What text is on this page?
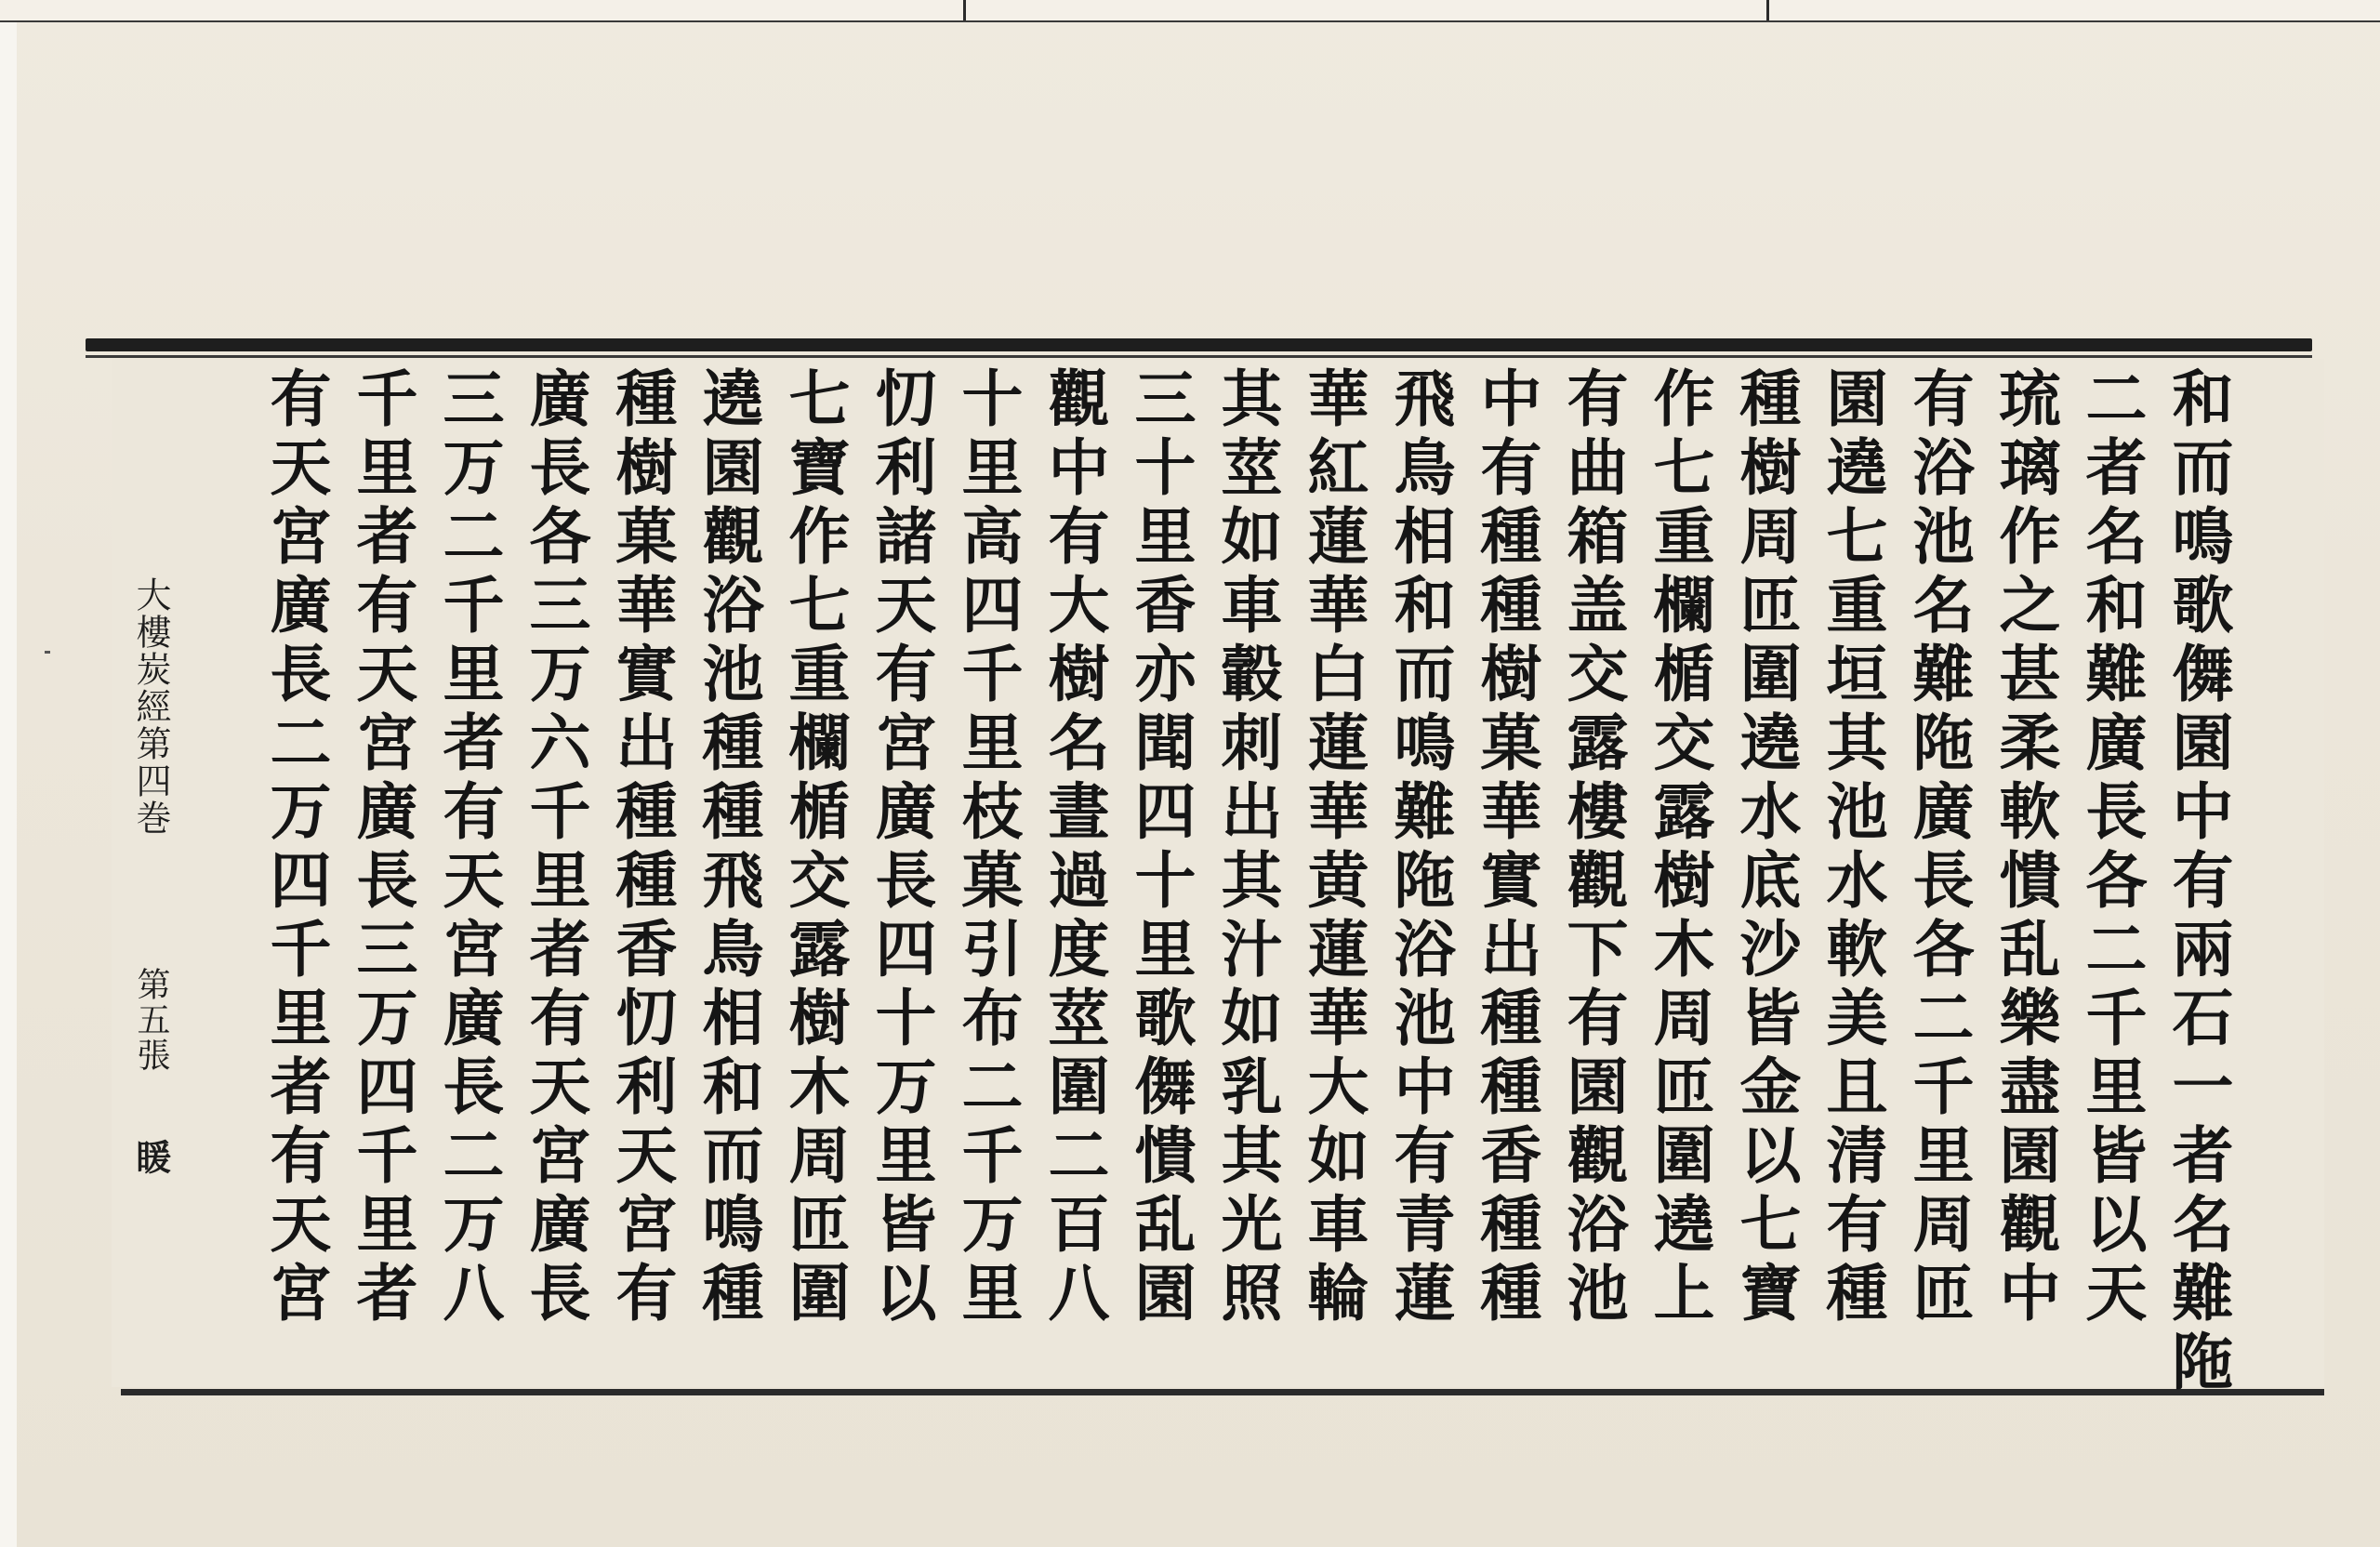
和而鳴歌儛園中有兩石一者名難陁
二者名和難廣長各二千里皆以天
琉璃作之甚柔軟憒乱樂盡園觀中
有浴池名難陁廣長各二千里周匝
園遶七重垣其池水軟美且清有種
種樹周匝圍遶水底沙皆金以七寶
作七重欄楯交露樹木周匝圍遶上
有曲箱盖交露樓觀下有園觀浴池
中有種種樹菓華實出種種香種種
飛鳥相和而鳴難陁浴池中有青蓮
華紅蓮華白蓮華黄蓮華大如車輪
其莖如車轂刺出其汁如乳其光照
三十里香亦聞四十里歌儛憒乱園
觀中有大樹名晝過度莖圍二百八
十里高四千里枝菓引布二千万里
忉利諸天有宮廣長四十万里皆以
七寶作七重欄楯交露樹木周匝圍
遶園觀浴池種種飛鳥相和而鳴種
種樹菓華實出種種香忉利天宮有
廣長各三万六千里者有天宮廣長
三万二千里者有天宮廣長二万八
千里者有天宮廣長三万四千里者
有天宮廣長二万四千里者有天宮
大樓炭經第四巻
第五張
䁔
